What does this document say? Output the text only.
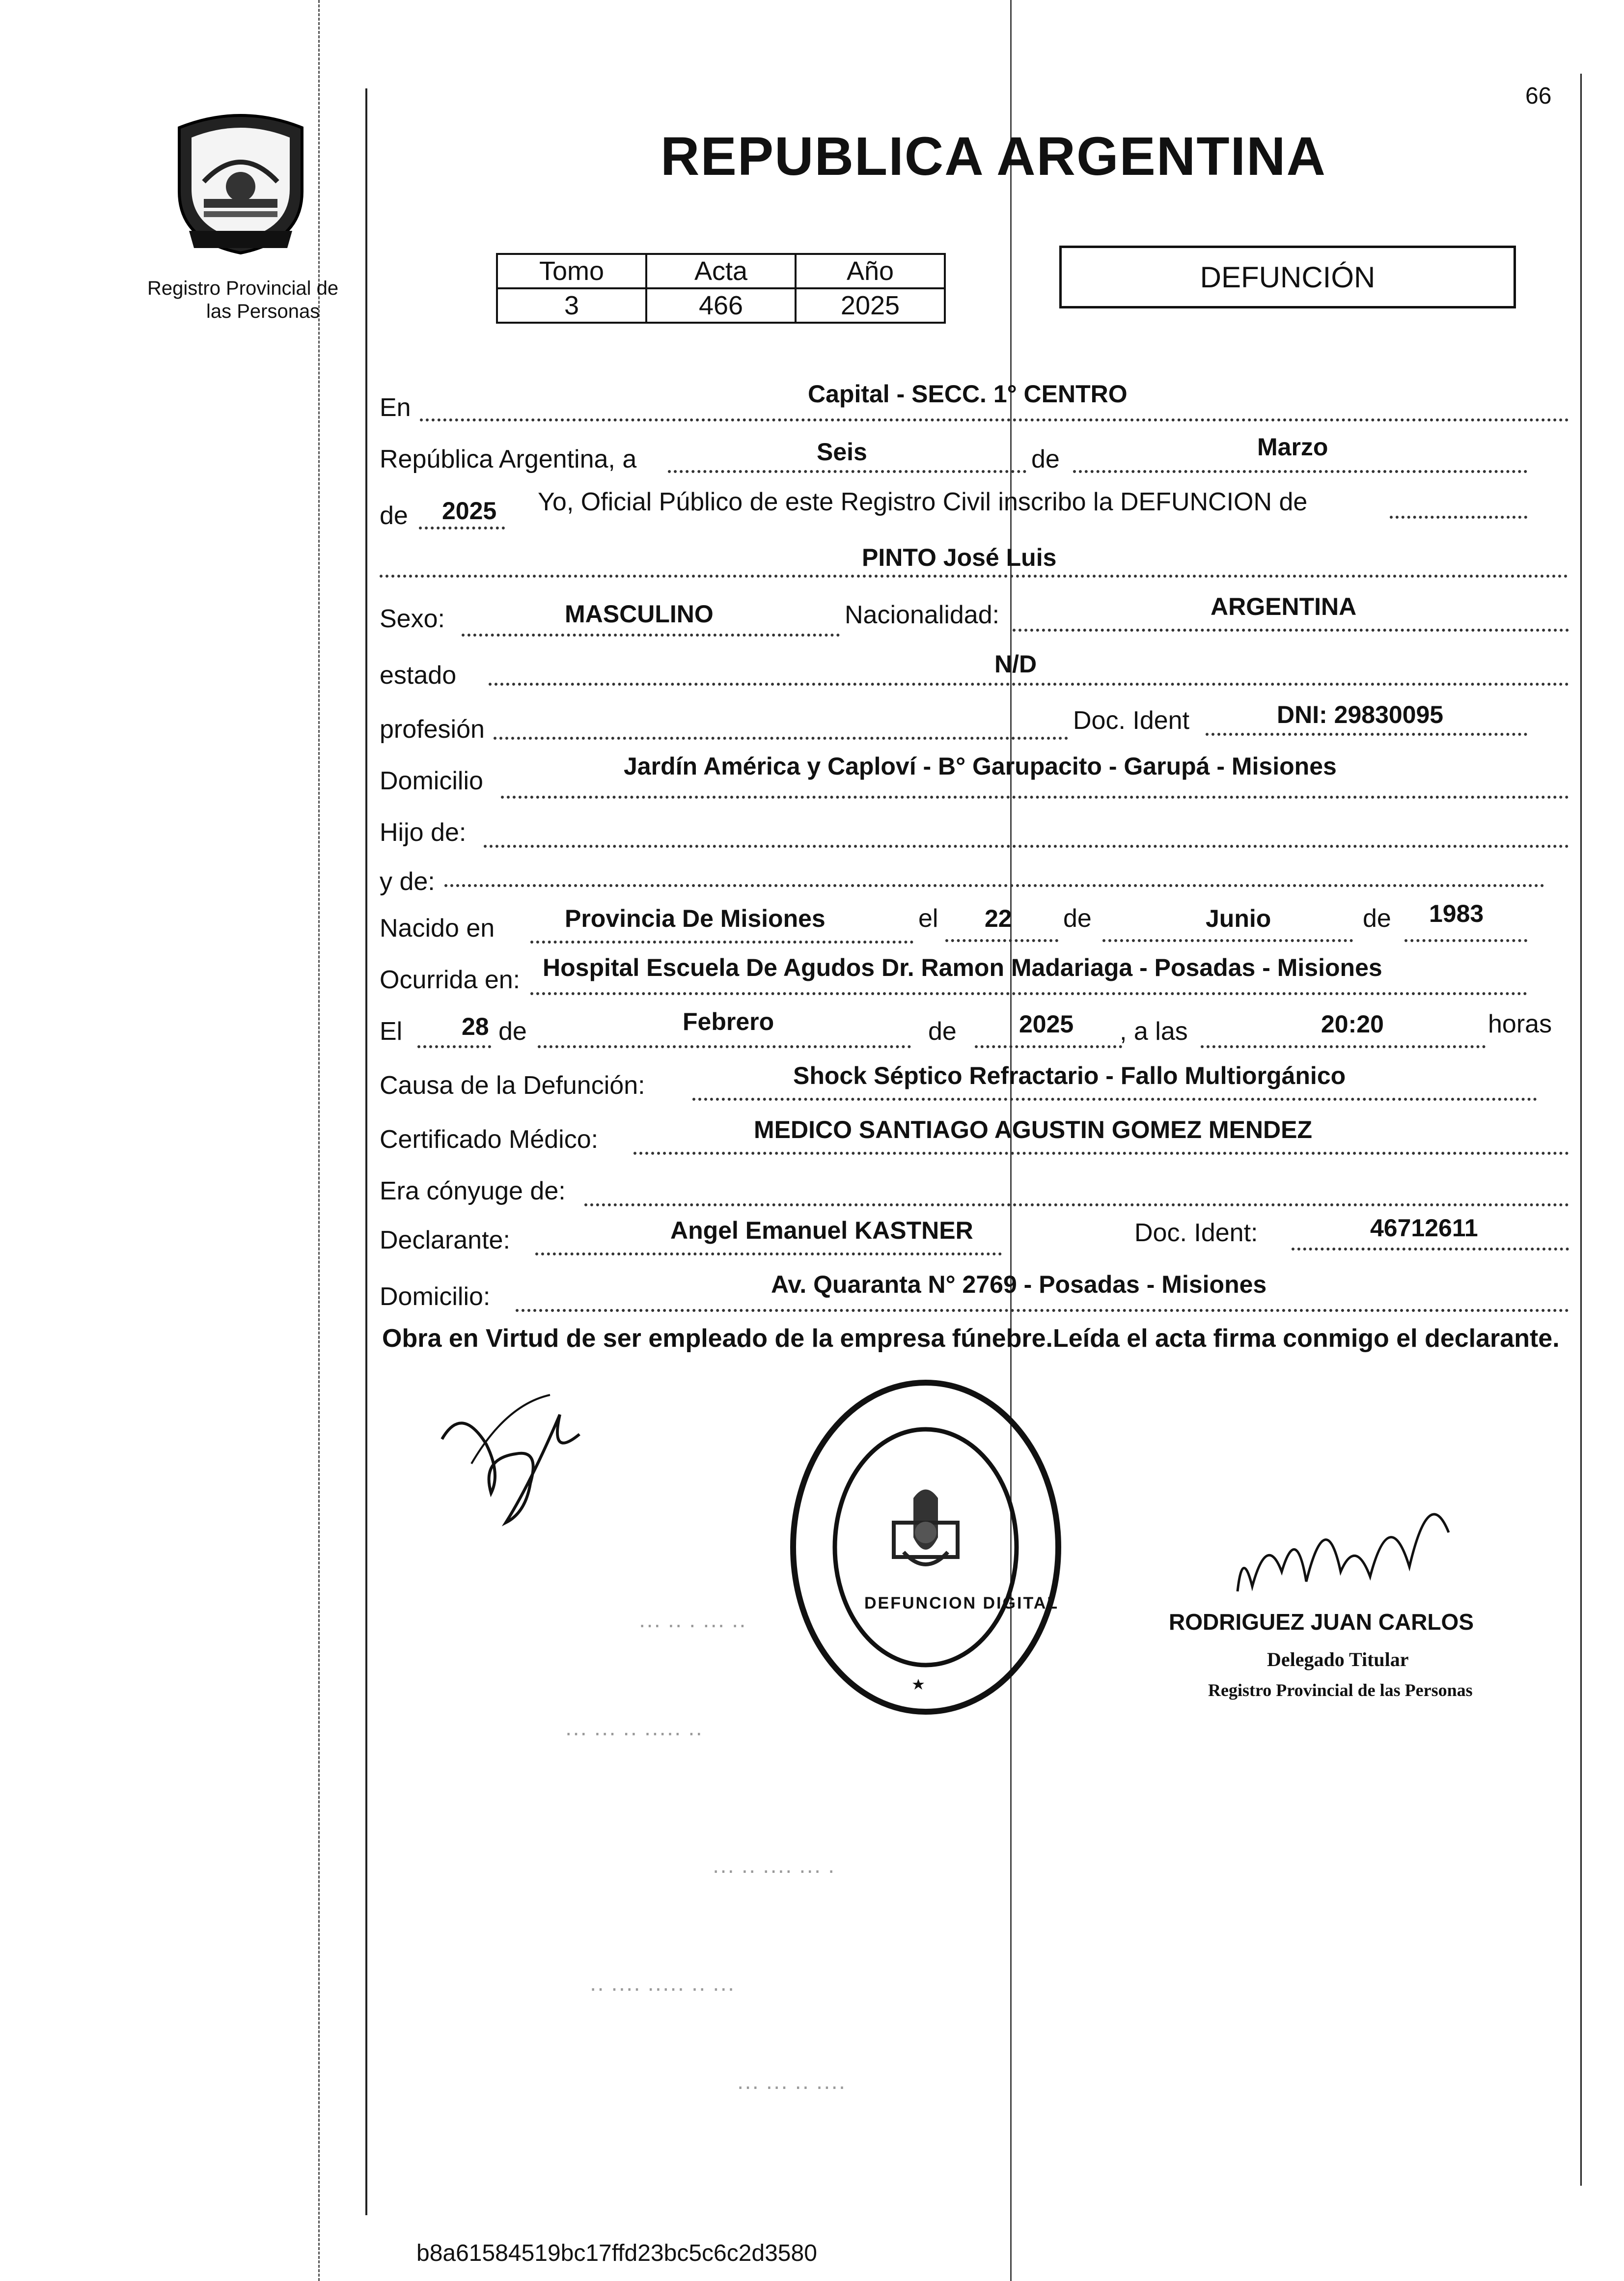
66
Registro Provincial de
las Personas
REPUBLICA ARGENTINA
Tomo	Acta	Año
3	466	2025
DEFUNCIÓN
En	Capital - SECC. 1° CENTRO
República Argentina, a	Seis	de	Marzo
de 2025 Yo, Oficial Público de este Registro Civil inscribo la DEFUNCION de
PINTO José Luis
Sexo:	MASCULINO	Nacionalidad:	ARGENTINA
estado	N/D
profesión	Doc. Ident	DNI: 29830095
Domicilio
Jardín América y Caploví - B° Garupacito - Garupá - Misiones
Hijo de:
y de:
Nacido en	Provincia De Misiones	el 22 de	Junio	de 1983
Ocurrida en: Hospital Escuela De Agudos Dr. Ramon Madariaga - Posadas - Misiones
El 28 de	Febrero	de	2025 , a las	20:20	horas
Causa de la Defunción:	Shock Séptico Refractario - Fallo Multiorgánico
Certificado Médico:	MEDICO SANTIAGO AGUSTIN GOMEZ MENDEZ
Era cónyuge de:
Declarante:	Angel Emanuel KASTNER	Doc. Ident:	46712611
Domicilio:	Av. Quaranta N° 2769 - Posadas - Misiones
Obra en Virtud de ser empleado de la empresa fúnebre.Leída el acta firma conmigo el declarante.
DEFUNCION DIGITAL
RODRIGUEZ JUAN CARLOS
Delegado Titular
Registro Provincial de las Personas
··· ·· · ··· ··
··· ··· ·· ····· ··
··· ·· ···· ··· ·
·· ···· ····· ·· ···
··· ··· ·· ····
b8a61584519bc17ffd23bc5c6c2d3580
